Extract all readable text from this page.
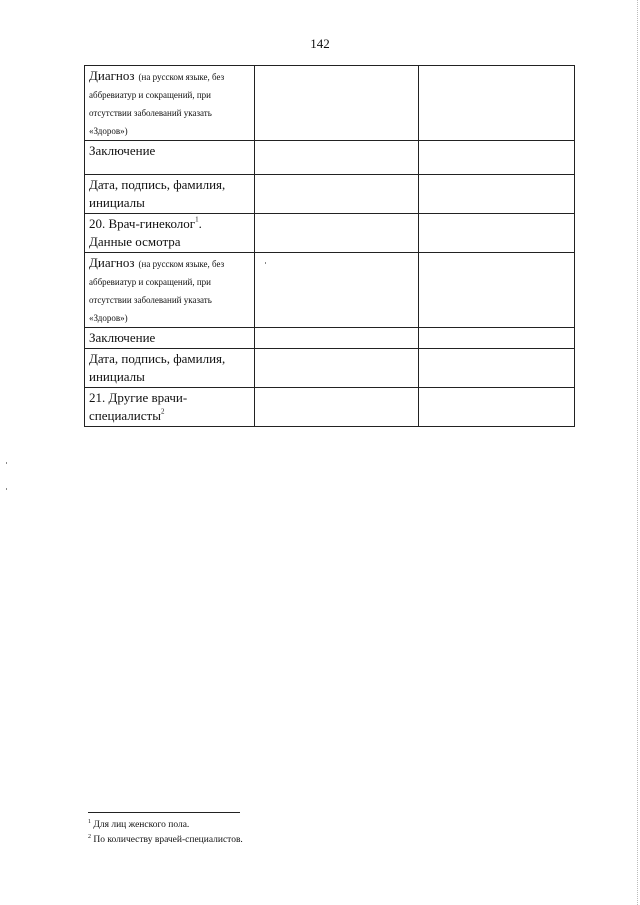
142
Диагноз (на русском языке, без аббревиатур и сокращений, при отсутствии заболеваний указать «Здоров»)		
Заключение		
Дата, подпись, фамилия, инициалы		
20. Врач-гинеколог$^1$.
Данные осмотра		
Диагноз (на русском языке, без аббревиатур и сокращений, при отсутствии заболеваний указать «Здоров»)		
Заключение		
Дата, подпись, фамилия, инициалы		
21. Другие врачи-специалисты$^2$		
$^1$ Для лиц женского пола.
$^2$ По количеству врачей-специалистов.
